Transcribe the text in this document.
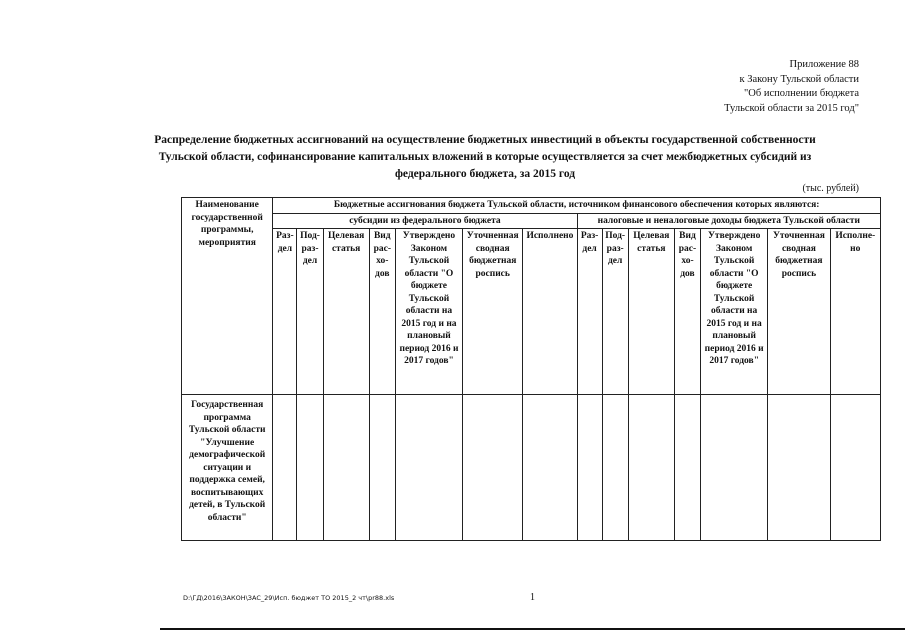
Приложение 88
к Закону Тульской области
"Об исполнении бюджета
Тульской области за 2015 год"
Распределение бюджетных ассигнований на осуществление бюджетных инвестиций в объекты государственной собственности
Тульской области, софинансирование капитальных вложений в которые осуществляется за счет межбюджетных субсидий из
федерального бюджета, за 2015 год
(тыс. рублей)
Наименование государственной программы, мероприятия	Бюджетные ассигнования бюджета Тульской области, источником финансового обеспечения которых являются:													
	субсидии из федерального бюджета							налоговые и неналоговые доходы бюджета Тульской области						
	Раз-дел	Под-раз-дел	Целевая статья	Вид рас-хо-дов	Утверждено Законом Тульской области "О бюджете Тульской области на 2015 год и на плановый период 2016 и 2017 годов"	Уточненная сводная бюджетная роспись	Исполнено	Раз-дел	Под-раз-дел	Целевая статья	Вид рас-хо-дов	Утверждено Законом Тульской области "О бюджете Тульской области на 2015 год и на плановый период 2016 и 2017 годов"	Уточненная сводная бюджетная роспись	Исполне-но
Государственная программа Тульской области "Улучшение демографической ситуации и поддержка семей, воспитывающих детей, в Тульской области"														
D:\ГД\2016\ЗАКОН\ЗАС_29\Исп. бюджет ТО 2015_2 чт\pr88.xls	1
